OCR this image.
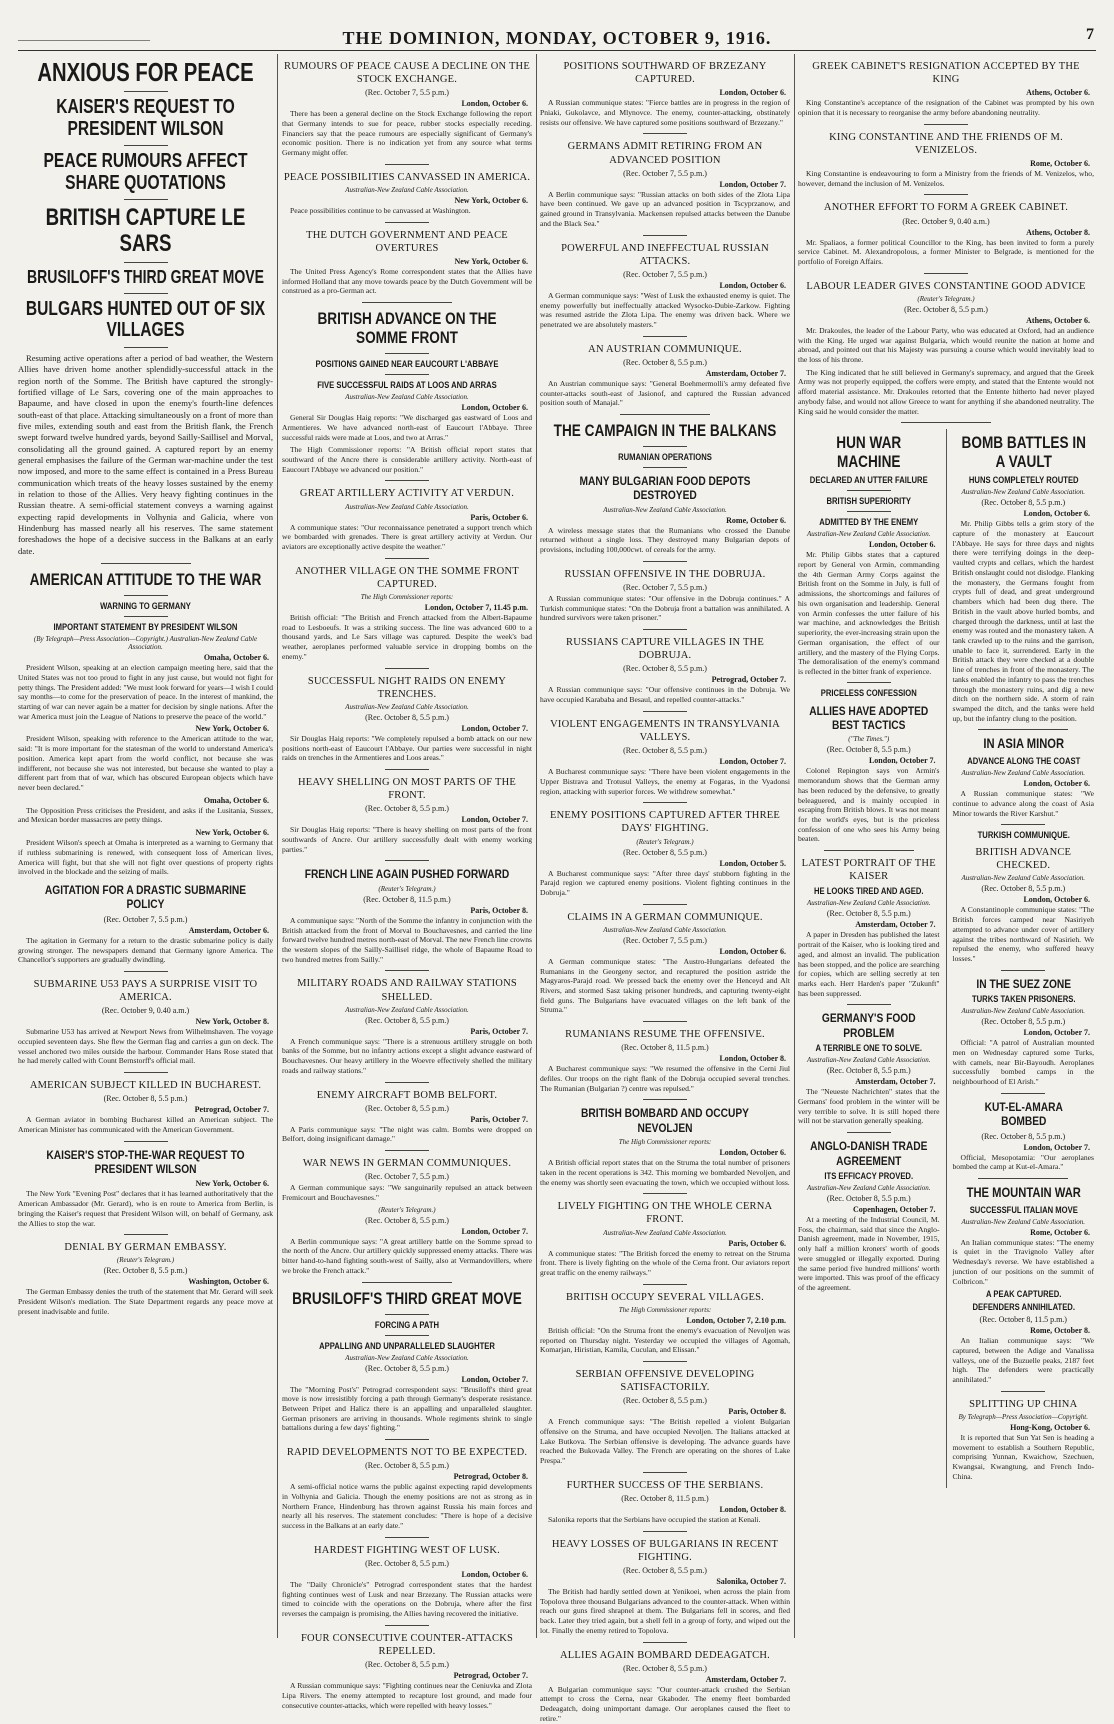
________________________	THE DOMINION, MONDAY, OCTOBER 9, 1916.	7
ANXIOUS FOR PEACE
KAISER'S REQUEST TO PRESIDENT WILSON
PEACE RUMOURS AFFECT SHARE QUOTATIONS
BRITISH CAPTURE LE SARS
BRUSILOFF'S THIRD GREAT MOVE
BULGARS HUNTED OUT OF SIX VILLAGES
Resuming active operations after a period of bad weather, the Western Allies have driven home another splendidly-successful attack in the region north of the Somme. The British have captured the strongly-fortified village of Le Sars, covering one of the main approaches to Bapaume, and have closed in upon the enemy's fourth-line defences south-east of that place. Attacking simultaneously on a front of more than five miles, extending south and east from the British flank, the French swept forward twelve hundred yards, beyond Sailly-Saillisel and Morval, consolidating all the ground gained. A captured report by an enemy general emphasises the failure of the German war-machine under the test now imposed, and more to the same effect is contained in a Press Bureau communication which treats of the heavy losses sustained by the enemy in relation to those of the Allies. Very heavy fighting continues in the Russian theatre. A semi-official statement conveys a warning against expecting rapid developments in Volhynia and Galicia, where von Hindenburg has massed nearly all his reserves. The same statement foreshadows the hope of a decisive success in the Balkans at an early date.
AMERICAN ATTITUDE TO THE WAR
WARNING TO GERMANY
IMPORTANT STATEMENT BY PRESIDENT WILSON
(By Telegraph—Press Association—Copyright.) Australian-New Zealand Cable Association.
Omaha, October 6.
President Wilson, speaking at an election campaign meeting here, said that the United States was not too proud to fight in any just cause, but would not fight for petty things. The President added: "We must look forward for years—I wish I could say months—to come for the preservation of peace. In the interest of mankind, the starting of war can never again be a matter for decision by single nations. After the war America must join the League of Nations to preserve the peace of the world."
New York, October 6.
President Wilson, speaking with reference to the American attitude to the war, said: "It is more important for the statesman of the world to understand America's position. America kept apart from the world conflict, not because she was indifferent, not because she was not interested, but because she wanted to play a different part from that of war, which has obscured European objects which have never been declared."
Omaha, October 6.
The Opposition Press criticises the President, and asks if the Lusitania, Sussex, and Mexican border massacres are petty things.
New York, October 6.
President Wilson's speech at Omaha is interpreted as a warning to Germany that if ruthless submarining is renewed, with consequent loss of American lives, America will fight, but that she will not fight over questions of property rights involved in the blockade and the seizing of mails.
AGITATION FOR A DRASTIC SUBMARINE POLICY
(Rec. October 7, 5.5 p.m.)
Amsterdam, October 6.
The agitation in Germany for a return to the drastic submarine policy is daily growing stronger. The newspapers demand that Germany ignore America. The Chancellor's supporters are gradually dwindling.
SUBMARINE U53 PAYS A SURPRISE VISIT TO AMERICA.
(Rec. October 9, 0.40 a.m.)
New York, October 8.
Submarine U53 has arrived at Newport News from Wilhelmshaven. The voyage occupied seventeen days. She flew the German flag and carries a gun on deck. The vessel anchored two miles outside the harbour. Commander Hans Rose stated that he had merely called with Count Bernstorff's official mail.
AMERICAN SUBJECT KILLED IN BUCHAREST.
(Rec. October 8, 5.5 p.m.)
Petrograd, October 7.
A German aviator in bombing Bucharest killed an American subject. The American Minister has communicated with the American Government.
KAISER'S STOP-THE-WAR REQUEST TO PRESIDENT WILSON
New York, October 6.
The New York "Evening Post" declares that it has learned authoritatively that the American Ambassador (Mr. Gerard), who is en route to America from Berlin, is bringing the Kaiser's request that President Wilson will, on behalf of Germany, ask the Allies to stop the war.
DENIAL BY GERMAN EMBASSY.
(Reuter's Telegram.)
(Rec. October 8, 5.5 p.m.)
Washington, October 6.
The German Embassy denies the truth of the statement that Mr. Gerard will seek President Wilson's mediation. The State Department regards any peace move at present inadvisable and futile.
RUMOURS OF PEACE CAUSE A DECLINE ON THE STOCK EXCHANGE.
(Rec. October 7, 5.5 p.m.)
London, October 6.
There has been a general decline on the Stock Exchange following the report that Germany intends to sue for peace, rubber stocks especially receding. Financiers say that the peace rumours are especially significant of Germany's economic position. There is no indication yet from any source what terms Germany might offer.
PEACE POSSIBILITIES CANVASSED IN AMERICA.
Australian-New Zealand Cable Association.
New York, October 6.
Peace possibilities continue to be canvassed at Washington.
THE DUTCH GOVERNMENT AND PEACE OVERTURES
New York, October 6.
The United Press Agency's Rome correspondent states that the Allies have informed Holland that any move towards peace by the Dutch Government will be construed as a pro-German act.
BRITISH ADVANCE ON THE SOMME FRONT
POSITIONS GAINED NEAR EAUCOURT L'ABBAYE
FIVE SUCCESSFUL RAIDS AT LOOS AND ARRAS
Australian-New Zealand Cable Association.
London, October 6.
General Sir Douglas Haig reports: "We discharged gas eastward of Loos and Armentieres. We have advanced north-east of Eaucourt l'Abbaye. Three successful raids were made at Loos, and two at Arras."
The High Commissioner reports: "A British official report states that southward of the Ancre there is considerable artillery activity. North-east of Eaucourt l'Abbaye we advanced our position."
GREAT ARTILLERY ACTIVITY AT VERDUN.
Australian-New Zealand Cable Association.
Paris, October 6.
A communique states: "Our reconnaissance penetrated a support trench which we bombarded with grenades. There is great artillery activity at Verdun. Our aviators are exceptionally active despite the weather."
ANOTHER VILLAGE ON THE SOMME FRONT CAPTURED.
The High Commissioner reports:
London, October 7, 11.45 p.m.
British official: "The British and French attacked from the Albert-Bapaume road to Lesboeufs. It was a striking success. The line was advanced 600 to a thousand yards, and Le Sars village was captured. Despite the week's bad weather, aeroplanes performed valuable service in dropping bombs on the enemy."
SUCCESSFUL NIGHT RAIDS ON ENEMY TRENCHES.
Australian-New Zealand Cable Association.
(Rec. October 8, 5.5 p.m.)
London, October 7.
Sir Douglas Haig reports: "We completely repulsed a bomb attack on our new positions north-east of Eaucourt l'Abbaye. Our parties were successful in night raids on trenches in the Armentieres and Loos areas."
HEAVY SHELLING ON MOST PARTS OF THE FRONT.
(Rec. October 8, 5.5 p.m.)
London, October 7.
Sir Douglas Haig reports: "There is heavy shelling on most parts of the front southwards of Ancre. Our artillery successfully dealt with enemy working parties."
FRENCH LINE AGAIN PUSHED FORWARD
(Reuter's Telegram.)
(Rec. October 8, 11.5 p.m.)
Paris, October 8.
A communique says: "North of the Somme the infantry in conjunction with the British attacked from the front of Morval to Bouchavesnes, and carried the line forward twelve hundred metres north-east of Morval. The new French line crowns the western slopes of the Sailly-Saillisel ridge, the whole of Bapaume Road to two hundred metres from Sailly."
MILITARY ROADS AND RAILWAY STATIONS SHELLED.
Australian-New Zealand Cable Association.
(Rec. October 8, 5.5 p.m.)
Paris, October 7.
A French communique says: "There is a strenuous artillery struggle on both banks of the Somme, but no infantry actions except a slight advance eastward of Bouchavesnes. Our heavy artillery in the Woevre effectively shelled the military roads and railway stations."
ENEMY AIRCRAFT BOMB BELFORT.
(Rec. October 8, 5.5 p.m.)
Paris, October 7.
A Paris communique says: "The night was calm. Bombs were dropped on Belfort, doing insignificant damage."
WAR NEWS IN GERMAN COMMUNIQUES.
(Rec. October 7, 5.5 p.m.)
A German communique says: "We sanguinarily repulsed an attack between Fremicourt and Bouchavesnes."
(Reuter's Telegram.)
(Rec. October 8, 5.5 p.m.)
London, October 7.
A Berlin communique says: "A great artillery battle on the Somme spread to the north of the Ancre. Our artillery quickly suppressed enemy attacks. There was bitter hand-to-hand fighting south-west of Sailly, also at Vermandovillers, where we broke the French attack."
BRUSILOFF'S THIRD GREAT MOVE
FORCING A PATH
APPALLING AND UNPARALLELED SLAUGHTER
Australian-New Zealand Cable Association.
(Rec. October 8, 5.5 p.m.)
London, October 7.
The "Morning Post's" Petrograd correspondent says: "Brusiloff's third great move is now irresistibly forcing a path through Germany's desperate resistance. Between Pripet and Halicz there is an appalling and unparalleled slaughter. German prisoners are arriving in thousands. Whole regiments shrink to single battalions during a few days' fighting."
RAPID DEVELOPMENTS NOT TO BE EXPECTED.
(Rec. October 8, 5.5 p.m.)
Petrograd, October 8.
A semi-official notice warns the public against expecting rapid developments in Volhynia and Galicia. Though the enemy positions are not as strong as in Northern France, Hindenburg has thrown against Russia his main forces and nearly all his reserves. The statement concludes: "There is hope of a decisive success in the Balkans at an early date."
HARDEST FIGHTING WEST OF LUSK.
(Rec. October 8, 5.5 p.m.)
London, October 6.
The "Daily Chronicle's" Petrograd correspondent states that the hardest fighting continues west of Lusk and near Brzezany. The Russian attacks were timed to coincide with the operations on the Dobruja, where after the first reverses the campaign is promising, the Allies having recovered the initiative.
FOUR CONSECUTIVE COUNTER-ATTACKS REPELLED.
(Rec. October 8, 5.5 p.m.)
Petrograd, October 7.
A Russian communique says: "Fighting continues near the Ceniuvka and Zlota Lipa Rivers. The enemy attempted to recapture lost ground, and made four consecutive counter-attacks, which were repelled with heavy losses."
POSITIONS SOUTHWARD OF BRZEZANY CAPTURED.
London, October 6.
A Russian communique states: "Fierce battles are in progress in the region of Pniaki, Gukolavce, and Mlynovce. The enemy, counter-attacking, obstinately resists our offensive. We have captured some positions southward of Brzezany."
GERMANS ADMIT RETIRING FROM AN ADVANCED POSITION
(Rec. October 7, 5.5 p.m.)
London, October 7.
A Berlin communique says: "Russian attacks on both sides of the Zlota Lipa have been continued. We gave up an advanced position in Tscyprzanow, and gained ground in Transylvania. Mackensen repulsed attacks between the Danube and the Black Sea."
POWERFUL AND INEFFECTUAL RUSSIAN ATTACKS.
(Rec. October 7, 5.5 p.m.)
London, October 6.
A German communique says: "West of Lusk the exhausted enemy is quiet. The enemy powerfully but ineffectually attacked Wysocko-Dubie-Zarkow. Fighting was resumed astride the Zlota Lipa. The enemy was driven back. Where we penetrated we are absolutely masters."
AN AUSTRIAN COMMUNIQUE.
(Rec. October 8, 5.5 p.m.)
Amsterdam, October 7.
An Austrian communique says: "General Boehmermolli's army defeated five counter-attacks south-east of Jasionof, and captured the Russian advanced position south of Manajal."
THE CAMPAIGN IN THE BALKANS
RUMANIAN OPERATIONS
MANY BULGARIAN FOOD DEPOTS DESTROYED
Australian-New Zealand Cable Association.
Rome, October 6.
A wireless message states that the Rumanians who crossed the Danube returned without a single loss. They destroyed many Bulgarian depots of provisions, including 100,000cwt. of cereals for the army.
RUSSIAN OFFENSIVE IN THE DOBRUJA.
(Rec. October 7, 5.5 p.m.)
A Russian communique states: "Our offensive in the Dobruja continues." A Turkish communique states: "On the Dobruja front a battalion was annihilated. A hundred survivors were taken prisoner."
RUSSIANS CAPTURE VILLAGES IN THE DOBRUJA.
(Rec. October 8, 5.5 p.m.)
Petrograd, October 7.
A Russian communique says: "Our offensive continues in the Dobruja. We have occupied Karababa and Besaul, and repelled counter-attacks."
VIOLENT ENGAGEMENTS IN TRANSYLVANIA VALLEYS.
(Rec. October 8, 5.5 p.m.)
London, October 7.
A Bucharest communique says: "There have been violent engagements in the Upper Bistrava and Trotusul Valleys, the enemy at Fogaras, in the Vyadonsi region, attacking with superior forces. We withdrew somewhat."
ENEMY POSITIONS CAPTURED AFTER THREE DAYS' FIGHTING.
(Reuter's Telegram.)
(Rec. October 8, 5.5 p.m.)
London, October 5.
A Bucharest communique says: "After three days' stubborn fighting in the Parajd region we captured enemy positions. Violent fighting continues in the Dobruja."
CLAIMS IN A GERMAN COMMUNIQUE.
Australian-New Zealand Cable Association.
(Rec. October 7, 5.5 p.m.)
London, October 6.
A German communique states: "The Austro-Hungarians defeated the Rumanians in the Georgeny sector, and recaptured the position astride the Magyaros-Parajd road. We pressed back the enemy over the Henceyd and Alt Rivers, and stormed Sasz taking prisoner hundreds, and capturing twenty-eight field guns. The Bulgarians have evacuated villages on the left bank of the Struma."
RUMANIANS RESUME THE OFFENSIVE.
(Rec. October 8, 11.5 p.m.)
London, October 8.
A Bucharest communique says: "We resumed the offensive in the Cerni Jiul defiles. Our troops on the right flank of the Dobruja occupied several trenches. The Rumanian (Bulgarian ?) centre was repulsed."
BRITISH BOMBARD AND OCCUPY NEVOLJEN
The High Commissioner reports:
London, October 6.
A British official report states that on the Struma the total number of prisoners taken in the recent operations is 342. This morning we bombarded Nevoljen, and the enemy was shortly seen evacuating the town, which we occupied without loss.
LIVELY FIGHTING ON THE WHOLE CERNA FRONT.
Australian-New Zealand Cable Association.
Paris, October 6.
A communique states: "The British forced the enemy to retreat on the Struma front. There is lively fighting on the whole of the Cerna front. Our aviators report great traffic on the enemy railways."
BRITISH OCCUPY SEVERAL VILLAGES.
The High Commissioner reports:
London, October 7, 2.10 p.m.
British official: "On the Struma front the enemy's evacuation of Nevoljen was reported on Thursday night. Yesterday we occupied the villages of Agomah, Komarjan, Hiristian, Kamila, Cuculan, and Elissan."
SERBIAN OFFENSIVE DEVELOPING SATISFACTORILY.
(Rec. October 8, 5.5 p.m.)
Paris, October 8.
A French communique says: "The British repelled a violent Bulgarian offensive on the Struma, and have occupied Nevoljen. The Italians attacked at Lake Butkova. The Serbian offensive is developing. The advance guards have reached the Bukovada Valley. The French are operating on the shores of Lake Prespa."
FURTHER SUCCESS OF THE SERBIANS.
(Rec. October 8, 11.5 p.m.)
London, October 8.
Salonika reports that the Serbians have occupied the station at Kenali.
HEAVY LOSSES OF BULGARIANS IN RECENT FIGHTING.
(Rec. October 8, 5.5 p.m.)
Salonika, October 7.
The British had hardly settled down at Yenikoei, when across the plain from Topolova three thousand Bulgarians advanced to the counter-attack. When within reach our guns fired shrapnel at them. The Bulgarians fell in scores, and fled back. Later they tried again, but a shell fell in a group of forty, and wiped out the lot. Finally the enemy retired to Topolova.
ALLIES AGAIN BOMBARD DEDEAGATCH.
(Rec. October 8, 5.5 p.m.)
Amsterdam, October 7.
A Bulgarian communique says: "Our counter-attack crushed the Serbian attempt to cross the Cerna, near Gkaboder. The enemy fleet bombarded Dedeagatch, doing unimportant damage. Our aeroplanes caused the fleet to retire."
GREEK CABINET'S RESIGNATION ACCEPTED BY THE KING
Athens, October 6.
King Constantine's acceptance of the resignation of the Cabinet was prompted by his own opinion that it is necessary to reorganise the army before abandoning neutrality.
KING CONSTANTINE AND THE FRIENDS OF M. VENIZELOS.
Rome, October 6.
King Constantine is endeavouring to form a Ministry from the friends of M. Venizelos, who, however, demand the inclusion of M. Venizelos.
ANOTHER EFFORT TO FORM A GREEK CABINET.
(Rec. October 9, 0.40 a.m.)
Athens, October 8.
Mr. Spaliaos, a former political Councillor to the King, has been invited to form a purely service Cabinet. M. Alexandropolous, a former Minister to Belgrade, is mentioned for the portfolio of Foreign Affairs.
LABOUR LEADER GIVES CONSTANTINE GOOD ADVICE
(Reuter's Telegram.)
(Rec. October 8, 5.5 p.m.)
Athens, October 6.
Mr. Drakoules, the leader of the Labour Party, who was educated at Oxford, had an audience with the King. He urged war against Bulgaria, which would reunite the nation at home and abroad, and pointed out that his Majesty was pursuing a course which would inevitably lead to the loss of his throne.
The King indicated that he still believed in Germany's supremacy, and argued that the Greek Army was not properly equipped, the coffers were empty, and stated that the Entente would not afford material assistance. Mr. Drakoules retorted that the Entente hitherto had never played anybody false, and would not allow Greece to want for anything if she abandoned neutrality. The King said he would consider the matter.
HUN WAR MACHINE
DECLARED AN UTTER FAILURE
BRITISH SUPERIORITY
ADMITTED BY THE ENEMY
Australian-New Zealand Cable Association.
London, October 6.
Mr. Philip Gibbs states that a captured report by General von Armin, commanding the 4th German Army Corps against the British front on the Somme in July, is full of admissions, the shortcomings and failures of his own organisation and leadership. General von Armin confesses the utter failure of his war machine, and acknowledges the British superiority, the ever-increasing strain upon the German organisation, the effect of our artillery, and the mastery of the Flying Corps. The demoralisation of the enemy's command is reflected in the bitter frank of experience.
PRICELESS CONFESSION
ALLIES HAVE ADOPTED BEST TACTICS
("The Times.")
(Rec. October 8, 5.5 p.m.)
London, October 7.
Colonel Repington says von Armin's memorandum shows that the German army has been reduced by the defensive, to greatly beleaguered, and is mainly occupied in escaping from British blows. It was not meant for the world's eyes, but is the priceless confession of one who sees his Army being beaten.
LATEST PORTRAIT OF THE KAISER
HE LOOKS TIRED AND AGED.
Australian-New Zealand Cable Association.
(Rec. October 8, 5.5 p.m.)
Amsterdam, October 7.
A paper in Dresden has published the latest portrait of the Kaiser, who is looking tired and aged, and almost an invalid. The publication has been stopped, and the police are searching for copies, which are selling secretly at ten marks each. Herr Harden's paper "Zukunft" has been suppressed.
GERMANY'S FOOD PROBLEM
A TERRIBLE ONE TO SOLVE.
Australian-New Zealand Cable Association.
(Rec. October 8, 5.5 p.m.)
Amsterdam, October 7.
The "Neueste Nachrichten" states that the Germans' food problem in the winter will be very terrible to solve. It is still hoped there will not be starvation generally speaking.
ANGLO-DANISH TRADE AGREEMENT
ITS EFFICACY PROVED.
Australian-New Zealand Cable Association.
(Rec. October 8, 5.5 p.m.)
Copenhagen, October 7.
At a meeting of the Industrial Council, M. Foss, the chairman, said that since the Anglo-Danish agreement, made in November, 1915, only half a million kroners' worth of goods were smuggled or illegally exported. During the same period five hundred millions' worth were imported. This was proof of the efficacy of the agreement.
BOMB BATTLES IN A VAULT
HUNS COMPLETELY ROUTED
Australian-New Zealand Cable Association.
(Rec. October 8, 5.5 p.m.)
London, October 6.
Mr. Philip Gibbs tells a grim story of the capture of the monastery at Eaucourt l'Abbaye. He says for three days and nights there were terrifying doings in the deep-vaulted crypts and cellars, which the hardest British onslaught could not dislodge. Flanking the monastery, the Germans fought from crypts full of dead, and great underground chambers which had been dug there. The British in the vault above hurled bombs, and charged through the darkness, until at last the enemy was routed and the monastery taken. A tank crawled up to the ruins and the garrison, unable to face it, surrendered. Early in the British attack they were checked at a double line of trenches in front of the monastery. The tanks enabled the infantry to pass the trenches through the monastery ruins, and dig a new ditch on the northern side. A storm of rain swamped the ditch, and the tanks were held up, but the infantry clung to the position.
IN ASIA MINOR
ADVANCE ALONG THE COAST
Australian-New Zealand Cable Association.
London, October 6.
A Russian communique states: "We continue to advance along the coast of Asia Minor towards the River Karshut."
TURKISH COMMUNIQUE.
BRITISH ADVANCE CHECKED.
Australian-New Zealand Cable Association.
(Rec. October 8, 5.5 p.m.)
London, October 6.
A Constantinople communique states: "The British forces camped near Nasiriyeh attempted to advance under cover of artillery against the tribes northward of Nasirieh. We repulsed the enemy, who suffered heavy losses."
IN THE SUEZ ZONE
TURKS TAKEN PRISONERS.
Australian-New Zealand Cable Association.
(Rec. October 8, 5.5 p.m.)
London, October 7.
Official: "A patrol of Australian mounted men on Wednesday captured some Turks, with camels, near Bir-Bayoudh. Aeroplanes successfully bombed camps in the neighbourhood of El Arish."
KUT-EL-AMARA BOMBED
(Rec. October 8, 5.5 p.m.)
London, October 7.
Official, Mesopotamia: "Our aeroplanes bombed the camp at Kut-el-Amara."
THE MOUNTAIN WAR
SUCCESSFUL ITALIAN MOVE
Australian-New Zealand Cable Association.
Rome, October 6.
An Italian communique states: "The enemy is quiet in the Travignolo Valley after Wednesday's reverse. We have established a junction of our positions on the summit of Colbricon."
A PEAK CAPTURED.
DEFENDERS ANNIHILATED.
(Rec. October 8, 11.5 p.m.)
Rome, October 8.
An Italian communique says: "We captured, between the Adige and Vanalissa valleys, one of the Buzuelle peaks, 2187 feet high. The defenders were practically annihilated."
SPLITTING UP CHINA
By Telegraph—Press Association—Copyright.
Hong-Kong, October 6.
It is reported that Sun Yat Sen is heading a movement to establish a Southern Republic, comprising Yunnan, Kwaichow, Szechuen, Kwangsai, Kwangtung, and French Indo-China.
